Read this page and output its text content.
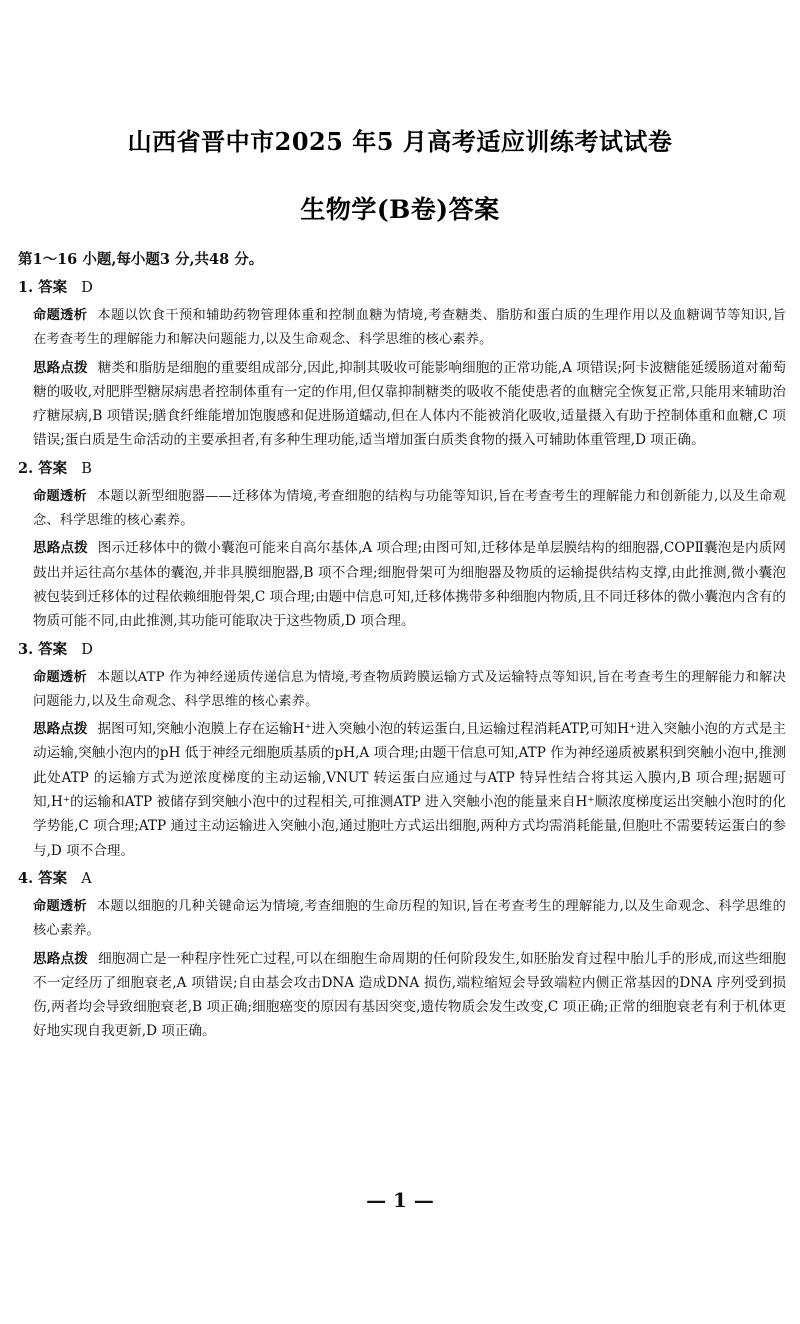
山西省晋中市2025 年5 月高考适应训练考试试卷
生物学(B卷)答案

第1～16 小题,每小题3 分,共48 分。

1. 答案 D

命题透析 本题以饮食干预和辅助药物管理体重和控制血糖为情境,考查糖类、脂肪和蛋白质的生理作用以及血糖调节等知识,旨在考查考生的理解能力和解决问题能力,以及生命观念、科学思维的核心素养。

思路点拨 糖类和脂肪是细胞的重要组成部分,因此,抑制其吸收可能影响细胞的正常功能,A 项错误;阿卡波糖能延缓肠道对葡萄糖的吸收,对肥胖型糖尿病患者控制体重有一定的作用,但仅靠抑制糖类的吸收不能使患者的血糖完全恢复正常,只能用来辅助治疗糖尿病,B 项错误;膳食纤维能增加饱腹感和促进肠道蠕动,但在人体内不能被消化吸收,适量摄入有助于控制体重和血糖,C 项错误;蛋白质是生命活动的主要承担者,有多种生理功能,适当增加蛋白质类食物的摄入可辅助体重管理,D 项正确。

2. 答案 B

命题透析 本题以新型细胞器——迁移体为情境,考查细胞的结构与功能等知识,旨在考查考生的理解能力和创新能力,以及生命观念、科学思维的核心素养。

思路点拨 图示迁移体中的微小囊泡可能来自高尔基体,A 项合理;由图可知,迁移体是单层膜结构的细胞器,COPⅡ囊泡是内质网鼓出并运往高尔基体的囊泡,并非具膜细胞器,B 项不合理;细胞骨架可为细胞器及物质的运输提供结构支撑,由此推测,微小囊泡被包装到迁移体的过程依赖细胞骨架,C 项合理;由题中信息可知,迁移体携带多种细胞内物质,且不同迁移体的微小囊泡内含有的物质可能不同,由此推测,其功能可能取决于这些物质,D 项合理。

3. 答案 D

命题透析 本题以ATP 作为神经递质传递信息为情境,考查物质跨膜运输方式及运输特点等知识,旨在考查考生的理解能力和解决问题能力,以及生命观念、科学思维的核心素养。

思路点拨 据图可知,突触小泡膜上存在运输H⁺进入突触小泡的转运蛋白,且运输过程消耗ATP,可知H⁺进入突触小泡的方式是主动运输,突触小泡内的pH 低于神经元细胞质基质的pH,A 项合理;由题干信息可知,ATP 作为神经递质被累积到突触小泡中,推测此处ATP 的运输方式为逆浓度梯度的主动运输,VNUT 转运蛋白应通过与ATP 特异性结合将其运入膜内,B 项合理;据题可知,H⁺的运输和ATP 被储存到突触小泡中的过程相关,可推测ATP 进入突触小泡的能量来自H⁺顺浓度梯度运出突触小泡时的化学势能,C 项合理;ATP 通过主动运输进入突触小泡,通过胞吐方式运出细胞,两种方式均需消耗能量,但胞吐不需要转运蛋白的参与,D 项不合理。

4. 答案 A

命题透析 本题以细胞的几种关键命运为情境,考查细胞的生命历程的知识,旨在考查考生的理解能力,以及生命观念、科学思维的核心素养。

思路点拨 细胞凋亡是一种程序性死亡过程,可以在细胞生命周期的任何阶段发生,如胚胎发育过程中胎儿手的形成,而这些细胞不一定经历了细胞衰老,A 项错误;自由基会攻击DNA 造成DNA 损伤,端粒缩短会导致端粒内侧正常基因的DNA 序列受到损伤,两者均会导致细胞衰老,B 项正确;细胞癌变的原因有基因突变,遗传物质会发生改变,C 项正确;正常的细胞衰老有利于机体更好地实现自我更新,D 项正确。

— 1 —
